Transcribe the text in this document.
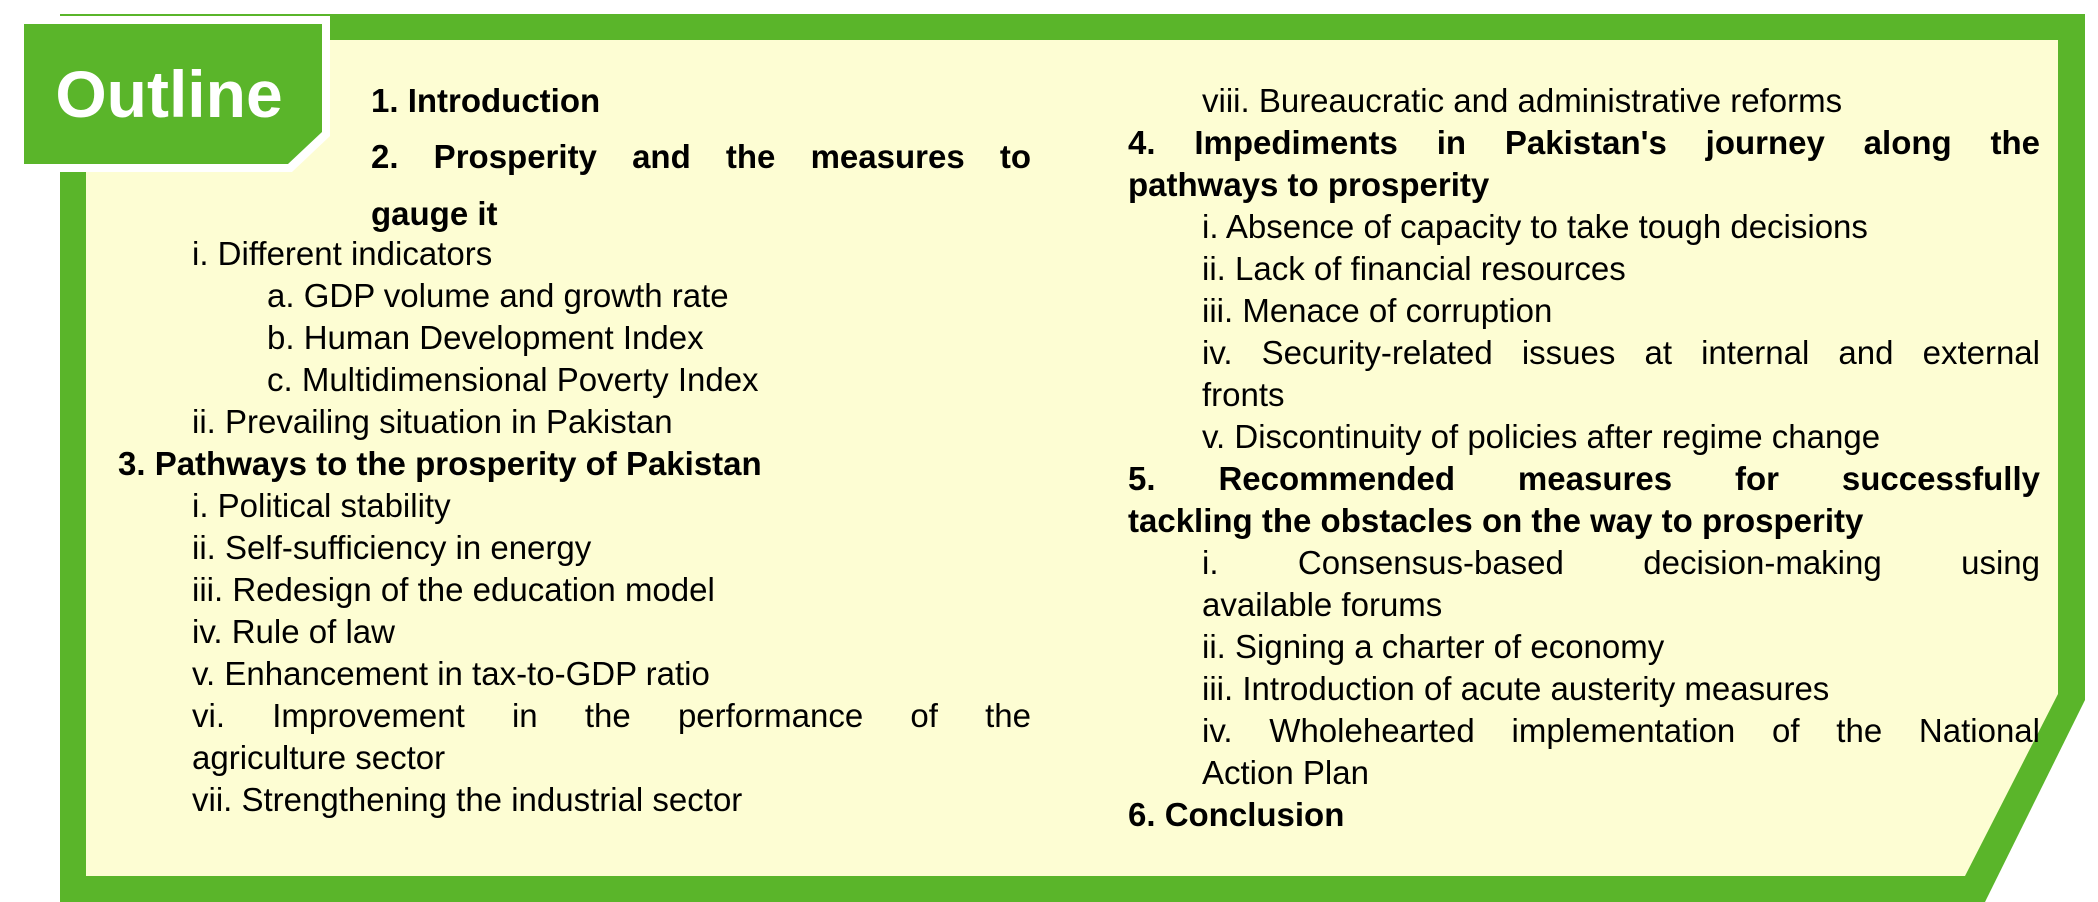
Outline	1. Introduction
2. Prosperity and the measures to
gauge it
i. Different indicators
a. GDP volume and growth rate
b. Human Development Index
c. Multidimensional Poverty Index
ii. Prevailing situation in Pakistan
3. Pathways to the prosperity of Pakistan
i. Political stability
ii. Self-sufficiency in energy
iii. Redesign of the education model
iv. Rule of law
v. Enhancement in tax-to-GDP ratio
vi. Improvement in the performance of the
agriculture sector
vii. Strengthening the industrial sector
viii. Bureaucratic and administrative reforms
4. Impediments in Pakistan's journey along the
pathways to prosperity
i. Absence of capacity to take tough decisions
ii. Lack of financial resources
iii. Menace of corruption
iv. Security-related issues at internal and external
fronts
v. Discontinuity of policies after regime change
5. Recommended measures for successfully
tackling the obstacles on the way to prosperity
i. Consensus-based decision-making using
available forums
ii. Signing a charter of economy
iii. Introduction of acute austerity measures
iv. Wholehearted implementation of the National
Action Plan
6. Conclusion
